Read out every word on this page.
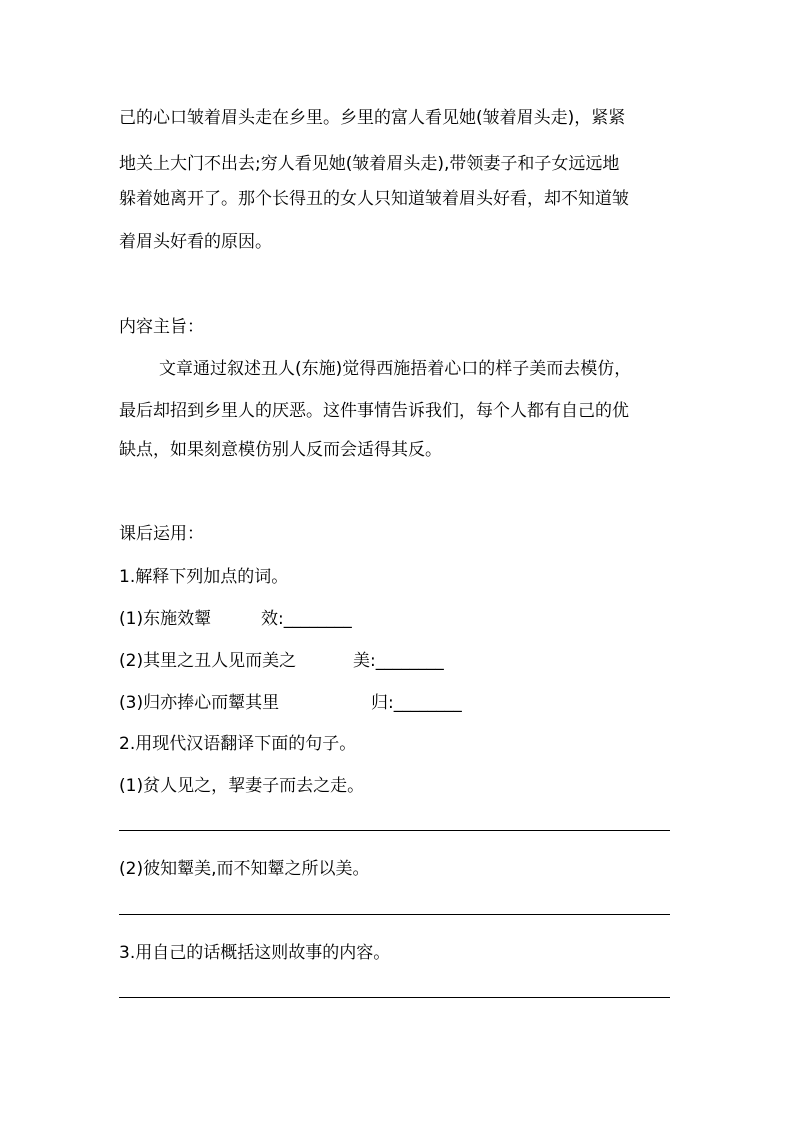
己的心口皱着眉头走在乡里。乡里的富人看见她(皱着眉头走)，紧紧
地关上大门不出去;穷人看见她(皱着眉头走),带领妻子和子女远远地
躲着她离开了。那个长得丑的女人只知道皱着眉头好看，却不知道皱
着眉头好看的原因。
内容主旨：
文章通过叙述丑人(东施)觉得西施捂着心口的样子美而去模仿，
最后却招到乡里人的厌恶。这件事情告诉我们，每个人都有自己的优
缺点，如果刻意模仿别人反而会适得其反。
课后运用：
1.解释下列加点的词。
(1)东施效颦	效:________
(2)其里之丑人见而美之	美:________
(3)归亦捧心而颦其里	归:________
2.用现代汉语翻译下面的句子。
(1)贫人见之，挈妻子而去之走。
(2)彼知颦美,而不知颦之所以美。
3.用自己的话概括这则故事的内容。
